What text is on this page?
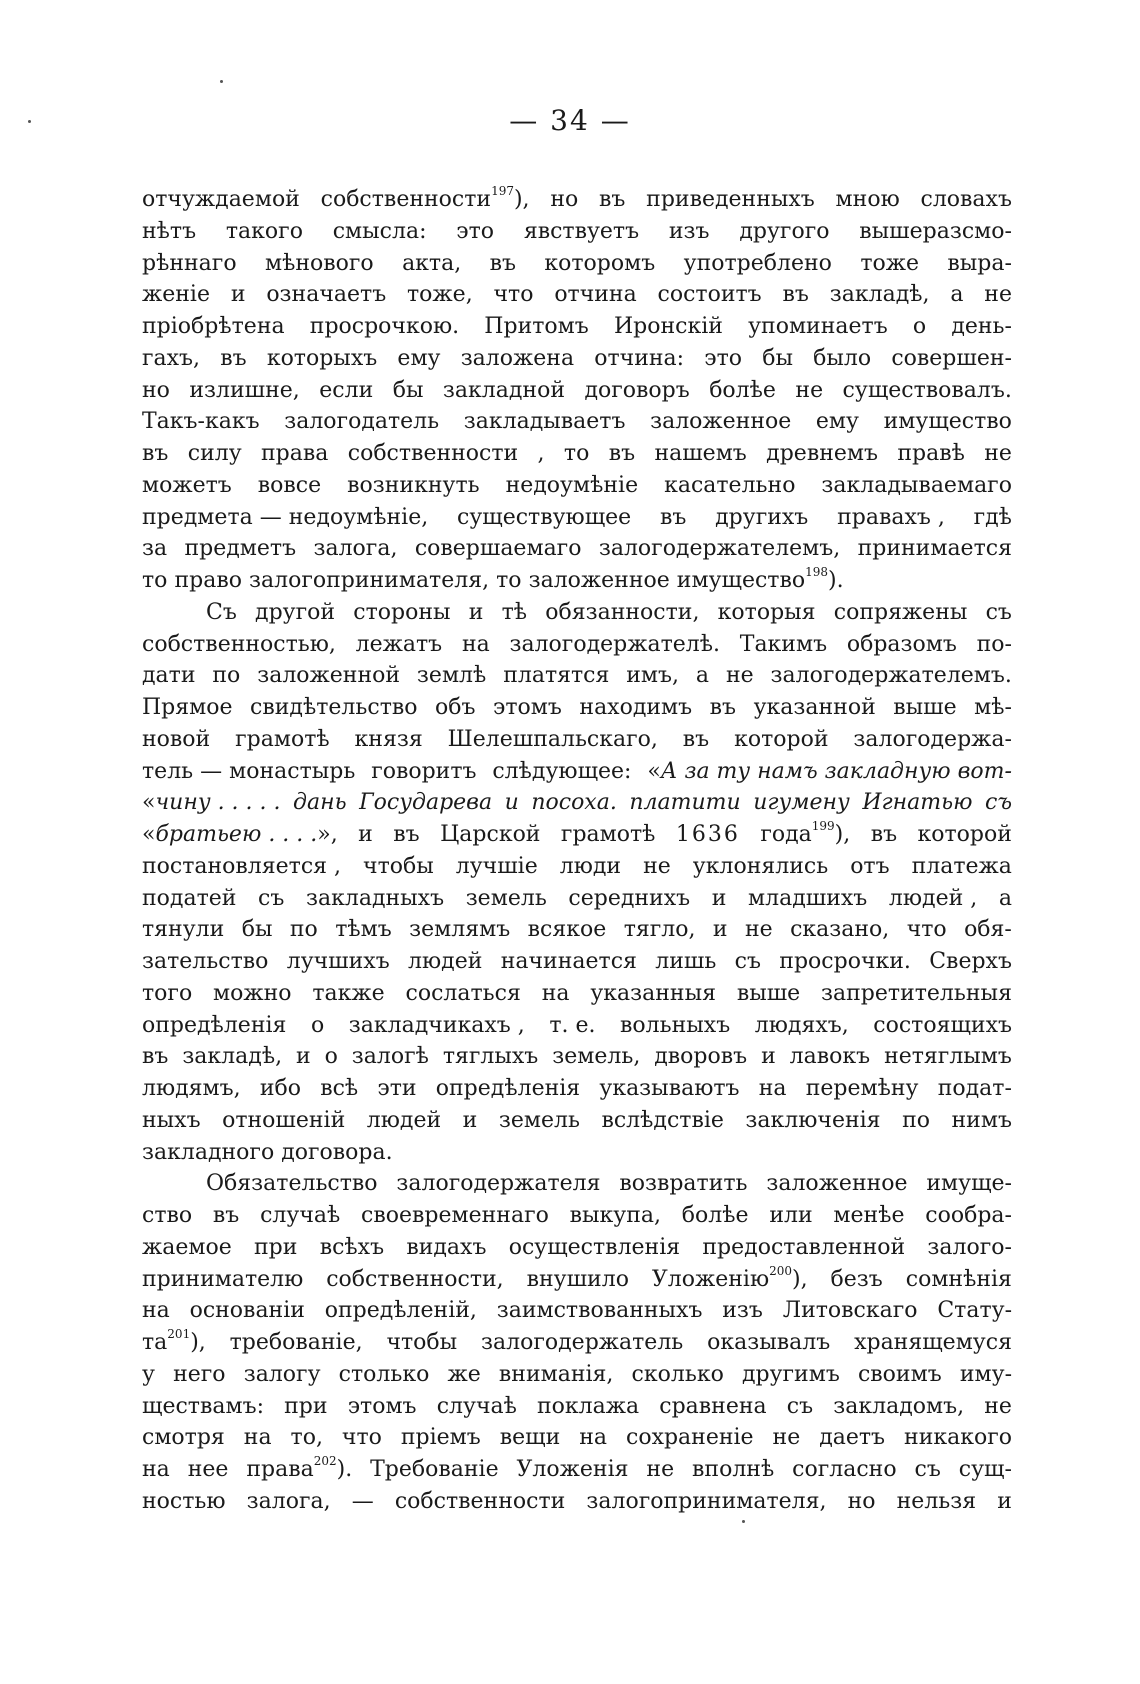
— 34 —
отчуждаемой собственности$^{197}$), но въ приведенныхъ мною словахъ
нѣтъ такого смысла: это явствуетъ изъ другого вышеразсмо-
рѣннаго мѣнового акта, въ которомъ употреблено тоже выра-
женіе и означаетъ тоже, что отчина состоитъ въ закладѣ, а не
пріобрѣтена просрочкою. Притомъ Иронскій упоминаетъ о день-
гахъ, въ которыхъ ему заложена отчина: это бы было совершен-
но излишне, если бы закладной договоръ болѣе не существовалъ.
Такъ-какъ залогодатель закладываетъ заложенное ему имущество
въ силу права собственности , то въ нашемъ древнемъ правѣ не
можетъ вовсе возникнуть недоумѣніе касательно закладываемаго
предмета — недоумѣніе, существующее въ другихъ правахъ , гдѣ
за предметъ залога, совершаемаго залогодержателемъ, принимается
то право залогопринимателя, то заложенное имущество$^{198}$).
Съ другой стороны и тѣ обязанности, которыя сопряжены съ
собственностью, лежатъ на залогодержателѣ. Такимъ образомъ по-
дати по заложенной землѣ платятся имъ, а не залогодержателемъ.
Прямое свидѣтельство объ этомъ находимъ въ указанной выше мѣ-
новой грамотѣ князя Шелешпальскаго, въ которой залогодержа-
тель — монастырь говоритъ слѣдующее: «А за ту намъ закладную вот-
«чину . . . . . дань Государева и посоха. платити игумену Игнатью съ
«братьею . . . .», и въ Царской грамотѣ 1636 года$^{199}$), въ которой
постановляется , чтобы лучшіе люди не уклонялись отъ платежа
податей съ закладныхъ земель середнихъ и младшихъ людей , а
тянули бы по тѣмъ землямъ всякое тягло, и не сказано, что обя-
зательство лучшихъ людей начинается лишь съ просрочки. Сверхъ
того можно также сослаться на указанныя выше запретительныя
опредѣленія о закладчикахъ , т. е. вольныхъ людяхъ, состоящихъ
въ закладѣ, и о залогѣ тяглыхъ земель, дворовъ и лавокъ нетяглымъ
людямъ, ибо всѣ эти опредѣленія указываютъ на перемѣну подат-
ныхъ отношеній людей и земель вслѣдствіе заключенія по нимъ
закладного договора.
Обязательство залогодержателя возвратить заложенное имуще-
ство въ случаѣ своевременнаго выкупа, болѣе или менѣе сообра-
жаемое при всѣхъ видахъ осуществленія предоставленной залого-
принимателю собственности, внушило Уложенію$^{200}$), безъ сомнѣнія
на основаніи опредѣленій, заимствованныхъ изъ Литовскаго Стату-
$та^{201}$), требованіе, чтобы залогодержатель оказывалъ хранящемуся
у него залогу столько же вниманія, сколько другимъ своимъ иму-
ществамъ: при этомъ случаѣ поклажа сравнена съ закладомъ, не
смотря на то, что пріемъ вещи на сохраненіе не даетъ никакого
на нее права$^{202}$). Требованіе Уложенія не вполнѣ согласно съ сущ-
ностью залога, — собственности залогопринимателя, но нельзя и
